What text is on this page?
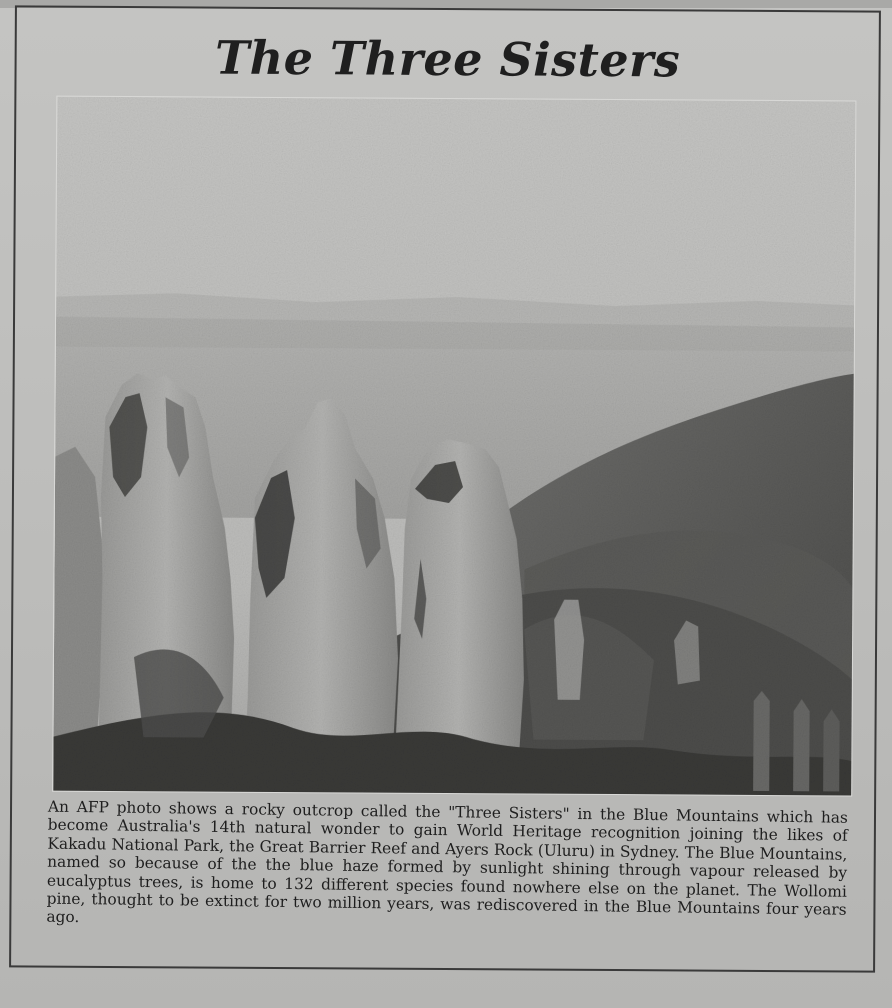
The Three Sisters

An AFP photo shows a rocky outcrop called the "Three Sisters" in the Blue Mountains which has become Australia's 14th natural wonder to gain World Heritage recognition joining the likes of Kakadu National Park, the Great Barrier Reef and Ayers Rock (Uluru) in Sydney. The Blue Mountains, named so because of the the blue haze formed by sunlight shining through vapour released by eucalyptus trees, is home to 132 different species found nowhere else on the planet. The Wollomi pine, thought to be extinct for two million years, was rediscovered in the Blue Mountains four years ago.
